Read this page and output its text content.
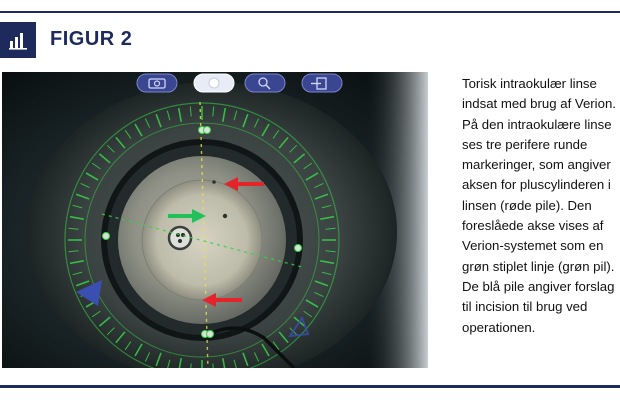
FIGUR 2
Torisk intraokulær linse indsat med brug af Verion. På den intraokulære linse ses tre perifere runde markeringer, som angiver aksen for pluscylinderen i linsen (røde pile). Den foreslåede akse vises af Verion-systemet som en grøn stiplet linje (grøn pil). De blå pile angiver forslag til incision til brug ved operationen.
